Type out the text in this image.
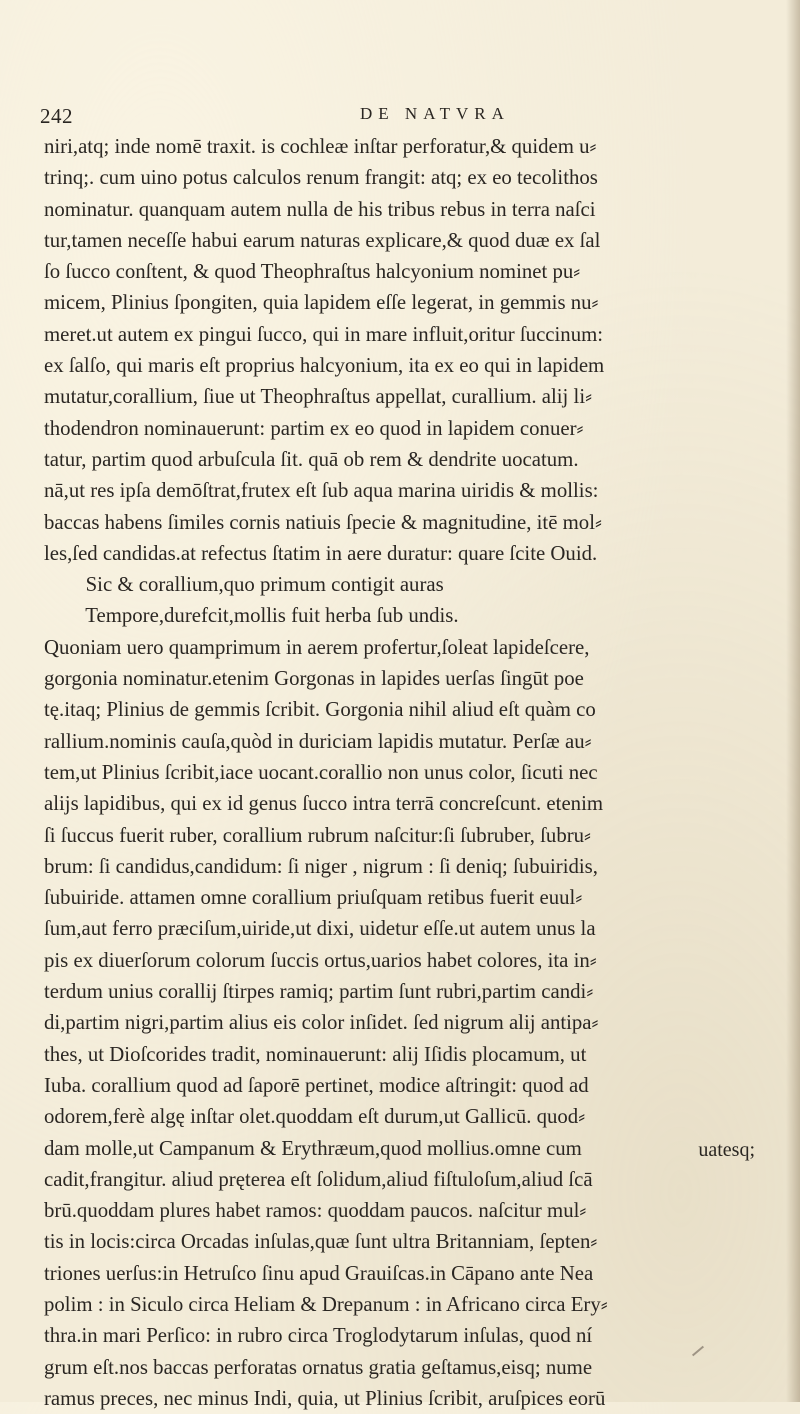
242	DE NATVRA
niri,atq; inde nomē traxit. is cochleæ inſtar perforatur,& quidem u⸗
trinq;. cum uino potus calculos renum frangit: atq; ex eo tecolithos
nominatur. quanquam autem nulla de his tribus rebus in terra naſci
tur,tamen neceſſe habui earum naturas explicare,& quod duæ ex ſal
ſo ſucco conſtent, & quod Theophraſtus halcyonium nominet pu⸗
micem, Plinius ſpongiten, quia lapidem eſſe legerat, in gemmis nu⸗
meret.ut autem ex pingui ſucco, qui in mare influit,oritur ſuccinum:
ex ſalſo, qui maris eſt proprius halcyonium, ita ex eo qui in lapidem
mutatur,corallium, ſiue ut Theophraſtus appellat, curallium. alij li⸗
thodendron nominauerunt: partim ex eo quod in lapidem conuer⸗
tatur, partim quod arbuſcula ſit. quā ob rem & dendrite uocatum.
nā,ut res ipſa demōſtrat,frutex eſt ſub aqua marina uiridis & mollis:
baccas habens ſimiles cornis natiuis ſpecie & magnitudine, itē mol⸗
les,ſed candidas.at refectus ſtatim in aere duratur: quare ſcite Ouid.
Sic & corallium,quo primum contigit auras
Tempore,durefcit,mollis fuit herba ſub undis.
Quoniam uero quamprimum in aerem profertur,ſoleat lapideſcere,
gorgonia nominatur.etenim Gorgonas in lapides uerſas ſingūt poe
tę.itaq; Plinius de gemmis ſcribit. Gorgonia nihil aliud eſt quàm co
rallium.nominis cauſa,quòd in duriciam lapidis mutatur. Perſæ au⸗
tem,ut Plinius ſcribit,iace uocant.corallio non unus color, ſicuti nec
alijs lapidibus, qui ex id genus ſucco intra terrā concreſcunt. etenim
ſi ſuccus fuerit ruber, corallium rubrum naſcitur:ſi ſubruber, ſubru⸗
brum: ſi candidus,candidum: ſi niger , nigrum : ſi deniq; ſubuiridis,
ſubuiride. attamen omne corallium priuſquam retibus fuerit euul⸗
ſum,aut ferro præciſum,uiride,ut dixi, uidetur eſſe.ut autem unus la
pis ex diuerſorum colorum ſuccis ortus,uarios habet colores, ita in⸗
terdum unius corallij ſtirpes ramiq; partim ſunt rubri,partim candi⸗
di,partim nigri,partim alius eis color inſidet. ſed nigrum alij antipa⸗
thes, ut Dioſcorides tradit, nominauerunt: alij Iſidis plocamum, ut
Iuba. corallium quod ad ſaporē pertinet, modice aſtringit: quod ad
odorem,ferè algę inſtar olet.quoddam eſt durum,ut Gallicū. quod⸗
dam molle,ut Campanum & Erythræum,quod mollius.omne cum
cadit,frangitur. aliud pręterea eſt ſolidum,aliud fiſtuloſum,aliud ſcā
brū.quoddam plures habet ramos: quoddam paucos. naſcitur mul⸗
tis in locis:circa Orcadas inſulas,quæ ſunt ultra Britanniam, ſepten⸗
triones uerſus:in Hetruſco ſinu apud Grauiſcas.in Cāpano ante Nea
polim : in Siculo circa Heliam & Drepanum : in Africano circa Ery⸗
thra.in mari Perſico: in rubro circa Troglodytarum inſulas, quod ní
grum eſt.nos baccas perforatas ornatus gratia geſtamus,eisq; nume
ramus preces, nec minus Indi, quia, ut Plinius ſcribit, aruſpices eorū
uatesq;
